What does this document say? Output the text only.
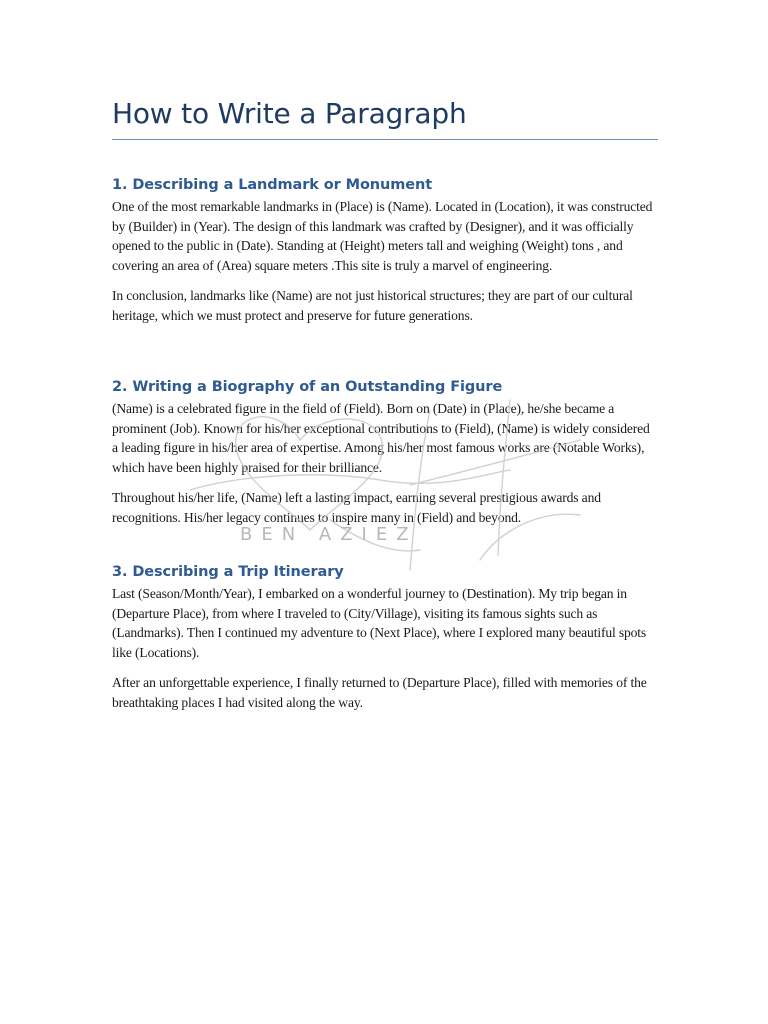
How to Write a Paragraph
1. Describing a Landmark or Monument

One of the most remarkable landmarks in (Place) is (Name). Located in (Location), it was constructed by (Builder) in (Year). The design of this landmark was crafted by (Designer), and it was officially opened to the public in (Date). Standing at (Height) meters tall and weighing (Weight) tons , and covering an area of (Area) square meters .This site is truly a marvel of engineering.

In conclusion, landmarks like (Name) are not just historical structures; they are part of our cultural heritage, which we must protect and preserve for future generations.

2. Writing a Biography of an Outstanding Figure

(Name) is a celebrated figure in the field of (Field). Born on (Date) in (Place), he/she became a prominent (Job). Known for his/her exceptional contributions to (Field), (Name) is widely considered a leading figure in his/her area of expertise. Among his/her most famous works are (Notable Works), which have been highly praised for their brilliance.

Throughout his/her life, (Name) left a lasting impact, earning several prestigious awards and recognitions. His/her legacy continues to inspire many in (Field) and beyond.

3. Describing a Trip Itinerary

Last (Season/Month/Year), I embarked on a wonderful journey to (Destination). My trip began in (Departure Place), from where I traveled to (City/Village), visiting its famous sights such as (Landmarks). Then I continued my adventure to (Next Place), where I explored many beautiful spots like (Locations).

After an unforgettable experience, I finally returned to (Departure Place), filled with memories of the breathtaking places I had visited along the way.

BEN AZIEZ
